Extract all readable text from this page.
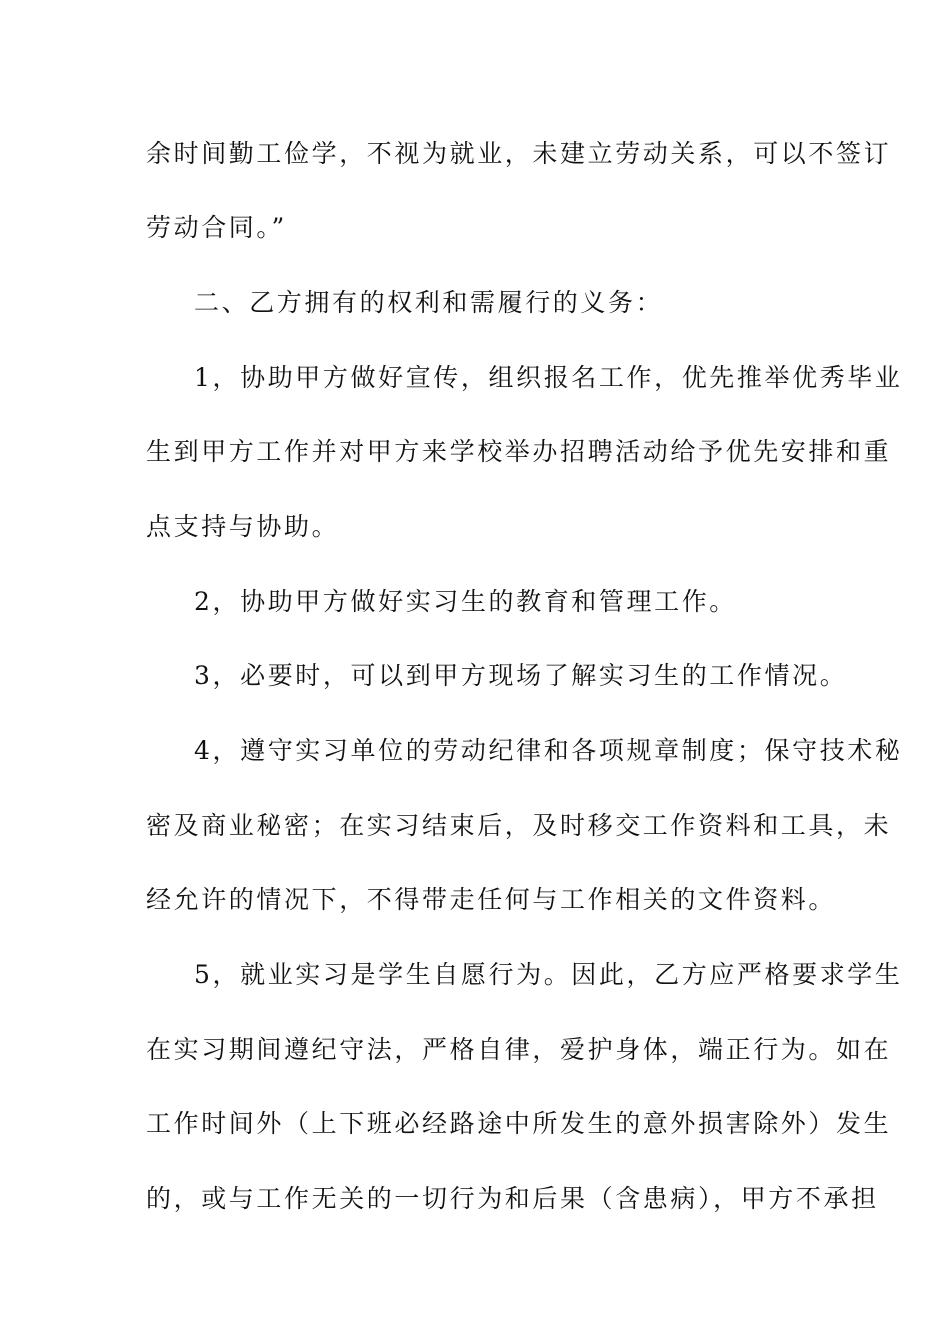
余时间勤工俭学，不视为就业，未建立劳动关系，可以不签订
劳动合同。”
二、乙方拥有的权利和需履行的义务：
1，协助甲方做好宣传，组织报名工作，优先推举优秀毕业
生到甲方工作并对甲方来学校举办招聘活动给予优先安排和重
点支持与协助。
2，协助甲方做好实习生的教育和管理工作。
3，必要时，可以到甲方现场了解实习生的工作情况。
4，遵守实习单位的劳动纪律和各项规章制度；保守技术秘
密及商业秘密；在实习结束后，及时移交工作资料和工具，未
经允许的情况下，不得带走任何与工作相关的文件资料。
5，就业实习是学生自愿行为。因此，乙方应严格要求学生
在实习期间遵纪守法，严格自律，爱护身体，端正行为。如在
工作时间外（上下班必经路途中所发生的意外损害除外）发生
的，或与工作无关的一切行为和后果（含患病），甲方不承担
